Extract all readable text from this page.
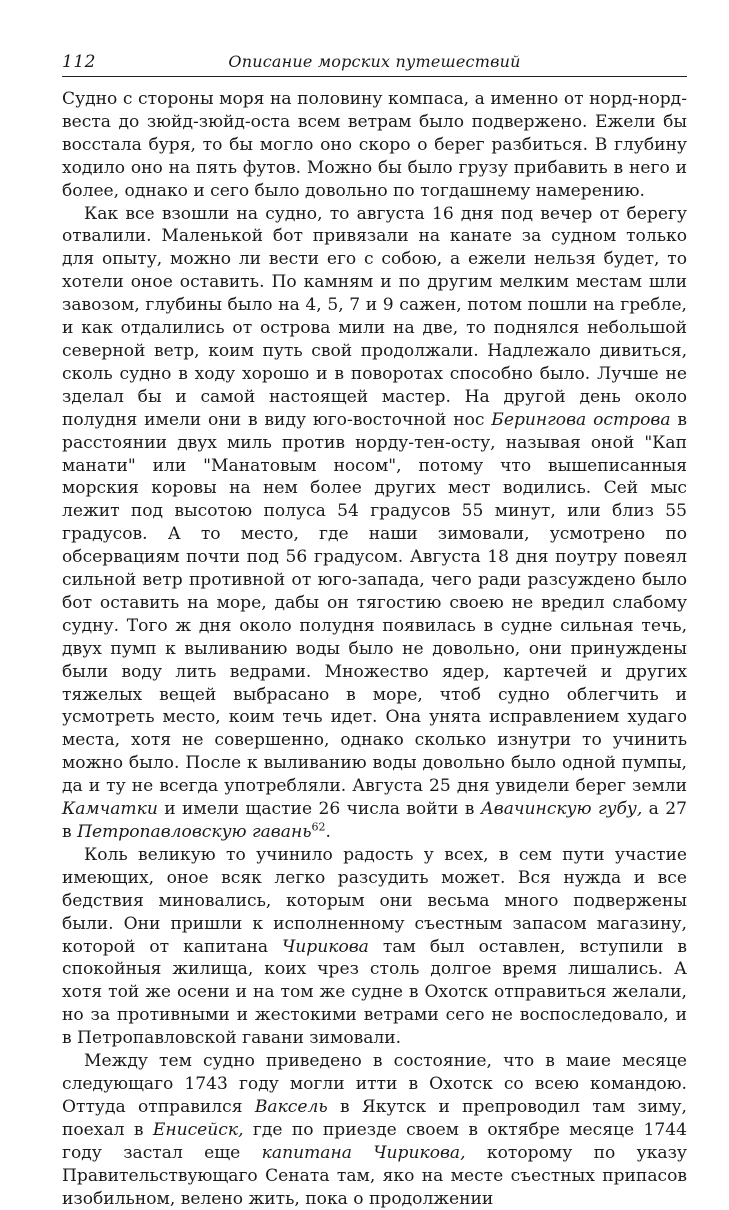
112	Описание морских путешествий

Судно с стороны моря на половину компаса, а именно от норд-норд-веста до зюйд-зюйд-оста всем ветрам было подвержено. Ежели бы восстала буря, то бы могло оно скоро о берег разбиться. В глубину ходило оно на пять футов. Можно бы было грузу прибавить в него и более, однако и сего было довольно по тогдашнему намерению.

Как все взошли на судно, то августа 16 дня под вечер от берегу отвалили. Маленькой бот привязали на канате за судном только для опыту, можно ли вести его с собою, а ежели нельзя будет, то хотели оное оставить. По камням и по другим мелким местам шли завозом, глубины было на 4, 5, 7 и 9 сажен, потом пошли на гребле, и как отдалились от острова мили на две, то поднялся небольшой северной ветр, коим путь свой продолжали. Надлежало дивиться, сколь судно в ходу хорошо и в поворотах способно было. Лучше не зделал бы и самой настоящей мастер. На другой день около полудня имели они в виду юго-восточной нос Берингова острова в расстоянии двух миль против норду-тен-осту, называя оной "Кап манати" или "Манатовым носом", потому что вышеписанныя морския коровы на нем более других мест водились. Сей мыс лежит под высотою полуса 54 градусов 55 минут, или близ 55 градусов. А то место, где наши зимовали, усмотрено по обсервациям почти под 56 градусом. Августа 18 дня поутру повеял сильной ветр противной от юго-запада, чего ради разсуждено было бот оставить на море, дабы он тягостию своею не вредил слабому судну. Того ж дня около полудня появилась в судне сильная течь, двух пумп к выливанию воды было не довольно, они принуждены были воду лить ведрами. Множество ядер, картечей и других тяжелых вещей выбрасано в море, чтоб судно облегчить и усмотреть место, коим течь идет. Она унята исправлением худаго места, хотя не совершенно, однако сколько изнутри то учинить можно было. После к выливанию воды довольно было одной пумпы, да и ту не всегда употребляли. Августа 25 дня увидели берег земли Камчатки и имели щастие 26 числа войти в Авачинскую губу, а 27 в Петропавловскую гавань$^{62}$.

Коль великую то учинило радость у всех, в сем пути участие имеющих, оное всяк легко разсудить может. Вся нужда и все бедствия миновались, которым они весьма много подвержены были. Они пришли к исполненному съестным запасом магазину, которой от капитана Чирикова там был оставлен, вступили в спокойныя жилища, коих чрез столь долгое время лишались. А хотя той же осени и на том же судне в Охотск отправиться желали, но за противными и жестокими ветрами сего не воспоследовало, и в Петропавловской гавани зимовали.

Между тем судно приведено в состояние, что в маие месяце следующаго 1743 году могли итти в Охотск со всею командою. Оттуда отправился Ваксель в Якутск и препроводил там зиму, поехал в Енисейск, где по приезде своем в октябре месяце 1744 году застал еще капитана Чирикова, которому по указу Правительствующаго Сената там, яко на месте съестных припасов изобильном, велено жить, пока о продолжении
